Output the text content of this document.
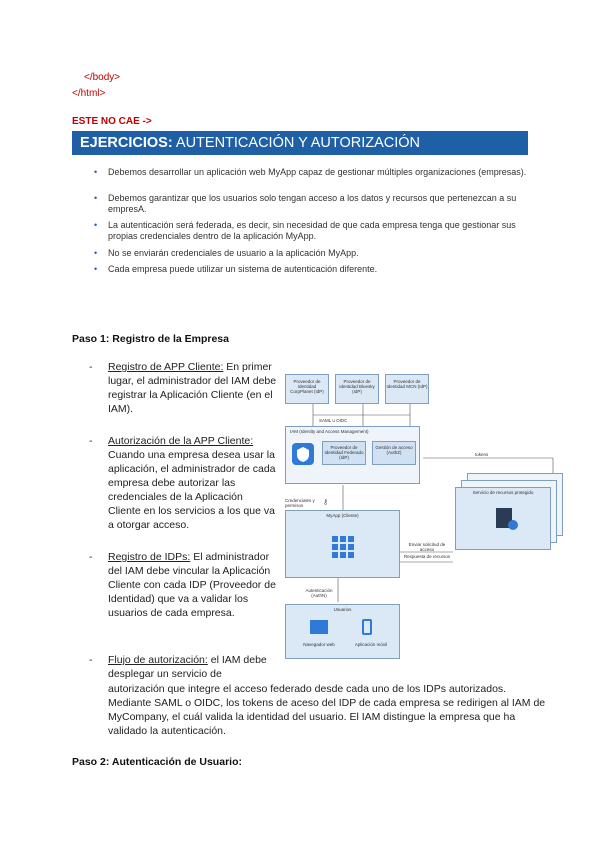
</body>
</html>
ESTE NO CAE ->
EJERCICIOS: AUTENTICACIÓN Y AUTORIZACIÓN
• Debemos desarrollar un aplicación web MyApp capaz de gestionar múltiples organizaciones (empresas).
• Debemos garantizar que los usuarios solo tengan acceso a los datos y recursos que pertenezcan a su empresA.
• La autenticación será federada, es decir, sin necesidad de que cada empresa tenga que gestionar sus propias credenciales dentro de la aplicación MyApp.
• No se enviarán credenciales de usuario a la aplicación MyApp.
• Cada empresa puede utilizar un sistema de autenticación diferente.
Paso 1: Registro de la Empresa
- Registro de APP Cliente: En primer lugar, el administrador del IAM debe registrar la Aplicación Cliente (en el IAM).
- Autorización de la APP Cliente: Cuando una empresa desea usar la aplicación, el administrador de cada empresa debe autorizar las credenciales de la Aplicación Cliente en los servicios a los que va a otorgar acceso.
- Registro de IDPs: El administrador del IAM debe vincular la Aplicación Cliente con cada IDP (Proveedor de Identidad) que va a validar los usuarios de cada empresa.
- Flujo de autorización: el IAM debe desplegar un servicio de
autorización que integre el acceso federado desde cada uno de los IDPs autorizados. Mediante SAML o OIDC, los tokens de aceso del IDP de cada empresa se redirigen al IAM de MyCompany, el cuál valida la identidad del usuario. El IAM distingue la empresa que ha validado la autenticación.
Paso 2: Autenticación de Usuario:
Proveedor de Identidad CorpPlanet (IdP)
Proveedor de Identidad Bluesky (IdP)
Proveedor de Identidad MCN (IdP)
SAML u OIDC
IAM (Identity and Access Management)
Proveedor de Identidad Federado (IdP)
Gestión de acceso (AuthZ)	tokens
Credenciales y permisos	⚷
MyApp (Cliente)
Enviar solicitud de acceso
Respuesta de recursos
Servicio de recursos protegido
Autenticación (AuthN)
Usuarios
Navegador web	Aplicación móvil
